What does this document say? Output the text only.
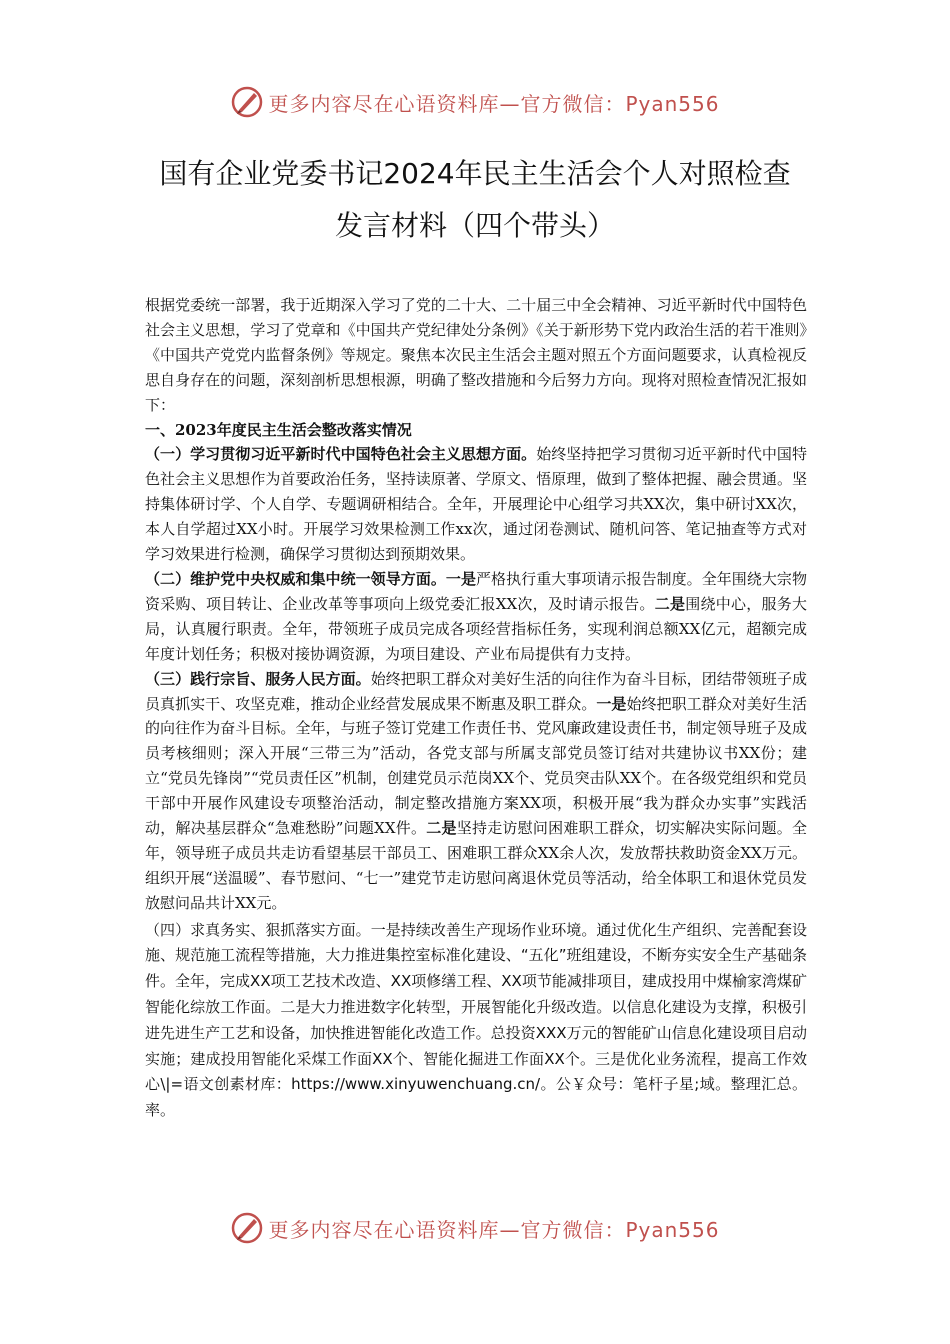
更多内容尽在心语资料库—官方微信：Pyan556
国有企业党委书记2024年民主生活会个人对照检查
发言材料（四个带头）

根据党委统一部署，我于近期深入学习了党的二十大、二十届三中全会精神、习近平新时代中国特色社会主义思想，学习了党章和《中国共产党纪律处分条例》《关于新形势下党内政治生活的若干准则》《中国共产党党内监督条例》等规定。聚焦本次民主生活会主题对照五个方面问题要求，认真检视反思自身存在的问题，深刻剖析思想根源，明确了整改措施和今后努力方向。现将对照检查情况汇报如下：

一、2023年度民主生活会整改落实情况

（一）学习贯彻习近平新时代中国特色社会主义思想方面。始终坚持把学习贯彻习近平新时代中国特色社会主义思想作为首要政治任务，坚持读原著、学原文、悟原理，做到了整体把握、融会贯通。坚持集体研讨学、个人自学、专题调研相结合。全年，开展理论中心组学习共XX次，集中研讨XX次，本人自学超过XX小时。开展学习效果检测工作xx次，通过闭卷测试、随机问答、笔记抽查等方式对学习效果进行检测，确保学习贯彻达到预期效果。

（二）维护党中央权威和集中统一领导方面。一是严格执行重大事项请示报告制度。全年围绕大宗物资采购、项目转让、企业改革等事项向上级党委汇报XX次，及时请示报告。二是围绕中心，服务大局，认真履行职责。全年，带领班子成员完成各项经营指标任务，实现利润总额XX亿元，超额完成年度计划任务；积极对接协调资源，为项目建设、产业布局提供有力支持。

（三）践行宗旨、服务人民方面。始终把职工群众对美好生活的向往作为奋斗目标，团结带领班子成员真抓实干、攻坚克难，推动企业经营发展成果不断惠及职工群众。一是始终把职工群众对美好生活的向往作为奋斗目标。全年，与班子签订党建工作责任书、党风廉政建设责任书，制定领导班子及成员考核细则；深入开展“三带三为”活动，各党支部与所属支部党员签订结对共建协议书XX份；建立“党员先锋岗”“党员责任区”机制，创建党员示范岗XX个、党员突击队XX个。在各级党组织和党员干部中开展作风建设专项整治活动，制定整改措施方案XX项，积极开展“我为群众办实事”实践活动，解决基层群众“急难愁盼”问题XX件。二是坚持走访慰问困难职工群众，切实解决实际问题。全年，领导班子成员共走访看望基层干部员工、困难职工群众XX余人次，发放帮扶救助资金XX万元。组织开展“送温暖”、春节慰问、“七一”建党节走访慰问离退休党员等活动，给全体职工和退休党员发放慰问品共计XX元。

（四）求真务实、狠抓落实方面。一是持续改善生产现场作业环境。通过优化生产组织、完善配套设施、规范施工流程等措施，大力推进集控室标准化建设、“五化”班组建设，不断夯实安全生产基础条件。全年，完成XX项工艺技术改造、XX项修缮工程、XX项节能减排项目，建成投用中煤榆家湾煤矿智能化综放工作面。二是大力推进数字化转型，开展智能化升级改造。以信息化建设为支撑，积极引进先进生产工艺和设备，加快推进智能化改造工作。总投资XXX万元的智能矿山信息化建设项目启动实施；建成投用智能化采煤工作面XX个、智能化掘进工作面XX个。三是优化业务流程，提高工作效心\|=语文创素材库：https://www.xinyuwenchuang.cn/。公￥众号：笔杆子星;域。整理汇总。率。

更多内容尽在心语资料库—官方微信：Pyan556
